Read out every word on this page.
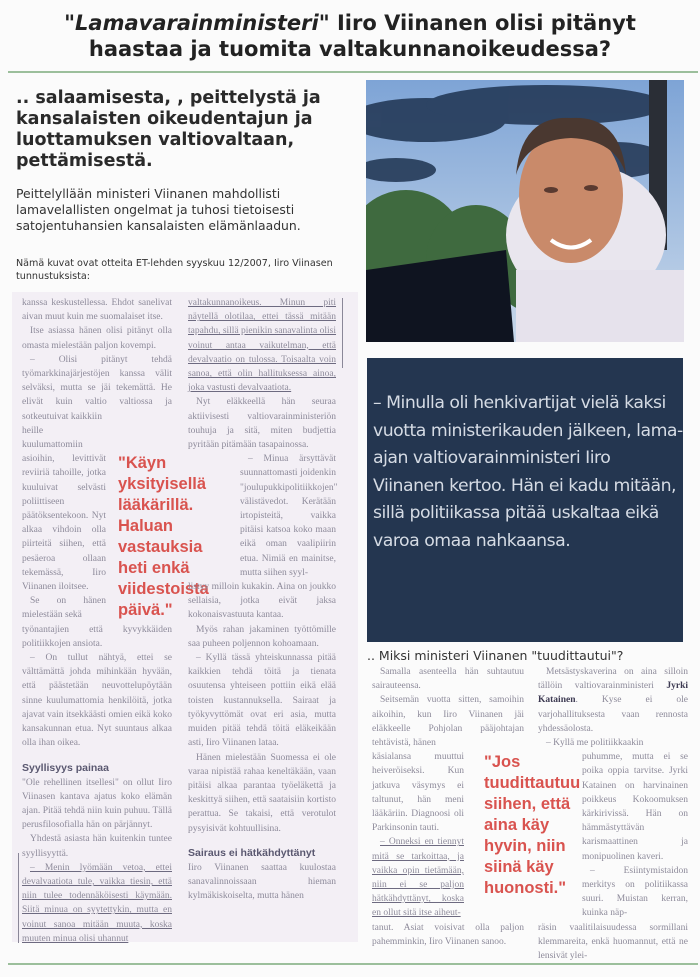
"Lamavarainministeri" Iiro Viinanen olisi pitänyt
haastaa ja tuomita valtakunnanoikeudessa?
.. salaamisesta, , peittelystä ja kansalaisten oikeudentajun ja luottamuksen valtiovaltaan, pettämisestä.
Peittelyllään ministeri Viinanen mahdollisti lamavelallisten ongelmat ja tuhosi tietoisesti satojentuhansien kansalaisten elämänlaadun.
Nämä kuvat ovat otteita ET-lehden syyskuu 12/2007, Iiro Viinasen tunnustuksista:

kanssa keskustellessa. Ehdot sanelivat aivan muut kuin me suomalaiset itse.

Itse asiassa hänen olisi pitänyt olla omasta mielestään paljon kovempi.

– Olisi pitänyt tehdä työmarkkinajärjestöjen kanssa välit selväksi, mutta se jäi tekemättä. He elivät kuin valtio valtiossa ja sotkeutuivat kaikkiin

heille kuulumattomiin asioihin, levittivät reviiriä tahoille, jotka kuuluivat selvästi poliittiseen päätöksentekoon. Nyt alkaa vihdoin olla piirteitä siihen, että pesäeroa ollaan tekemässä, Iiro Viinanen iloitsee.

Se on hänen mielestään sekä

työnantajien että kyvykkäiden politiikkojen ansiota.

– On tullut nähtyä, ettei se välttämättä johda mihinkään hyvään, että päästetään neuvottelupöytään sinne kuulumattomia henkilöitä, jotka ajavat vain itsekkäästi omien eikä koko kansakunnan etua. Nyt suuntaus alkaa olla ihan oikea.

Syyllisyys painaa

"Ole rehellinen itsellesi" on ollut Iiro Viinasen kantava ajatus koko elämän ajan. Pitää tehdä niin kuin puhuu. Tällä perusfilosofialla hän on pärjännyt.

Yhdestä asiasta hän kuitenkin tuntee syyllisyyttä.

– Menin lyömään vetoa, ettei devalvaatiota tule, vaikka tiesin, että niin tulee todennäköisesti käymään. Siitä minua on syytettykin, mutta en voinut sanoa mitään muuta, koska muuten minua olisi uhannut

"Käyn yksityisellä lääkärillä. Haluan vastauksia heti enkä viidestoista päivä."

valtakunnanoikeus. Minun piti näytellä olotilaa, ettei tässä mitään tapahdu, sillä pienikin sanavalinta olisi voinut antaa vaikutelman, että devalvaatio on tulossa. Toisaalta voin sanoa, että olin hallituksessa ainoa, joka vastusti devalvaatiota.

Nyt eläkkeellä hän seuraa aktiivisesti valtiovarainministeriön touhuja ja sitä, miten budjettia pyritään pitämään tasapainossa.

– Minua ärsyttävät suunnattomasti joidenkin "joulupukkipolitiikkojen" välistävedot. Kerätään irtopisteitä, vaikka pitäisi katsoa koko maan eikä oman vaalipiirin etua. Nimiä en mainitse, mutta siihen syyl-

listyy milloin kukakin. Aina on joukko sellaisia, jotka eivät jaksa kokonaisvastuuta kantaa.

Myös rahan jakaminen työttömille saa puheen poljennon kohoamaan.

– Kyllä tässä yhteiskunnassa pitää kaikkien tehdä töitä ja tienata osuutensa yhteiseen pottiin eikä elää toisten kustannuksella. Sairaat ja työkyvyttömät ovat eri asia, mutta muiden pitää tehdä töitä eläkeikään asti, Iiro Viinanen lataa.

Hänen mielestään Suomessa ei ole varaa nipistää rahaa keneltäkään, vaan pitäisi alkaa parantaa työeläkettä ja keskittyä siihen, että saataisiin kortisto perattua. Se takaisi, että verotulot pysyisivät kohtuullisina.

Sairaus ei hätkähdyttänyt

Iiro Viinanen saattaa kuulostaa sanavalinnoissaan hieman kylmäkiskoiselta, mutta hänen

– Minulla oli henkivartijat vielä kaksi vuotta ministerikauden jälkeen, lama-ajan valtiovarainministeri Iiro Viinanen kertoo. Hän ei kadu mitään, sillä politiikassa pitää uskaltaa eikä varoa omaa nahkaansa.
.. Miksi ministeri Viinanen "tuudittautui"?

Samalla asenteella hän suhtautuu sairauteensa.

Seitsemän vuotta sitten, samoihin aikoihin, kun Iiro Viinanen jäi eläkkeelle Pohjolan pääjohtajan tehtävistä, hänen

käsialansa muuttui heiveröiseksi. Kun jatkuva väsymys ei taltunut, hän meni lääkäriin. Diagnoosi oli Parkinsonin tauti.

– Onneksi en tiennyt mitä se tarkoittaa, ja vaikka opin tietämään, niin ei se paljon hätkähdyttänyt, koska en ollut sitä itse aiheut-

tanut. Asiat voisivat olla paljon pahemminkin, Iiro Viinanen sanoo.

"Jos tuudittautuu siihen, että aina käy hyvin, niin siinä käy huonosti."

Metsästyskaverina on aina silloin tällöin valtiovarainministeri Jyrki Katainen. Kyse ei ole varjohallituksesta vaan rennosta yhdessäolosta.

– Kyllä me politiikkaakin

puhumme, mutta ei se poika oppia tarvitse. Jyrki Katainen on harvinainen poikkeus Kokoomuksen kärkirivissä. Hän on hämmästyttävän karismaattinen ja monipuolinen kaveri.

– Esiintymistaidon merkitys on politiikassa suuri. Muistan kerran, kuinka näp-

räsin vaalitilaisuudessa sormillani klemmareita, enkä huomannut, että ne lensivät ylei-
